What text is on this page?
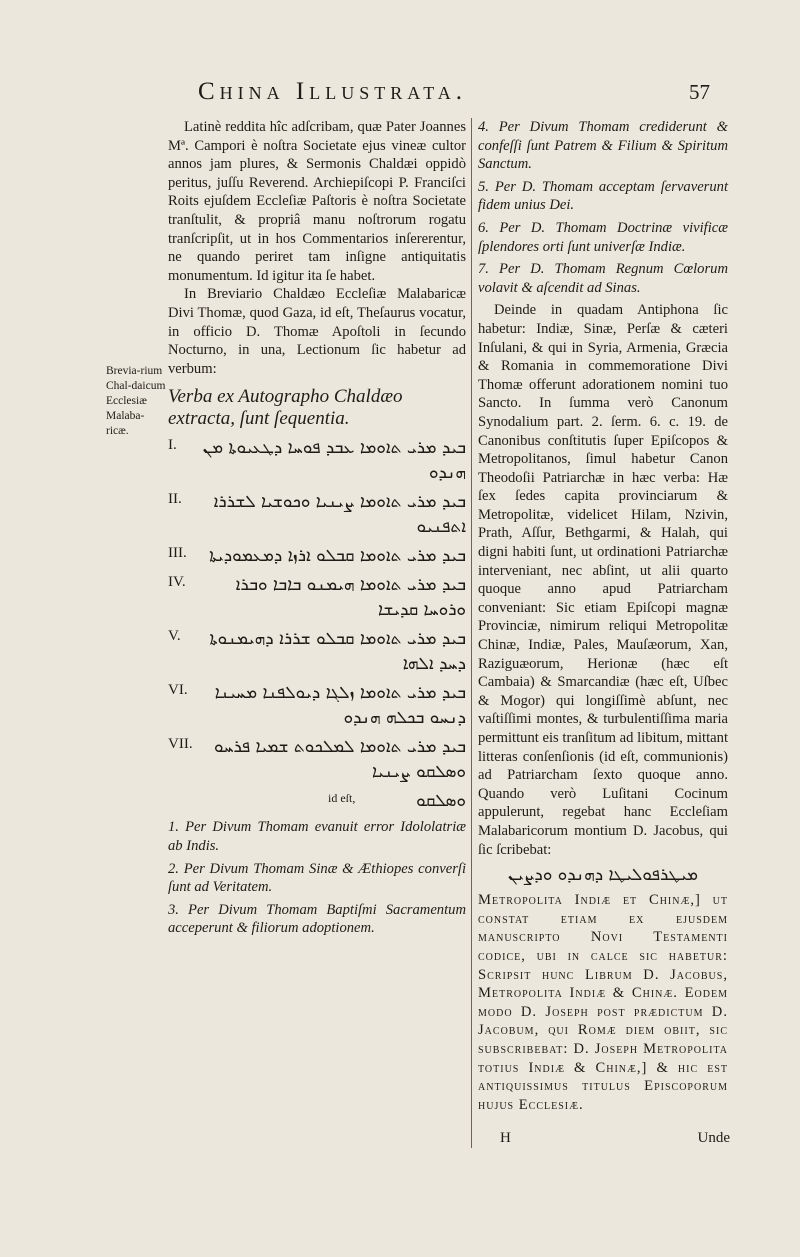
China Illustrata.	57
Brevia-rium Chal-daicum Ecclesiæ Malaba-ricæ.

Latinè reddita hîc adſcribam, quæ Pater Joannes Mª. Campori è noſtra Societate ejus vineæ cultor annos jam plures, & Sermonis Chaldæi oppidò peritus, juſſu Reverend. Archiepiſcopi P. Franciſci Roits ejuſdem Eccleſiæ Paſtoris è noſtra Societate tranſtulit, & propriâ manu noſtrorum rogatu tranſcripſit, ut in hos Commentarios inſererentur, ne quando periret tam inſigne antiquitatis monumentum. Id igitur ita ſe habet.

In Breviario Chaldæo Eccleſiæ Malabaricæ Divi Thomæ, quod Gaza, id eſt, Theſaurus vocatur, in officio D. Thomæ Apoſtoli in ſecundo Nocturno, in una, Lectionum ſic habetur ad verbum:

Verba ex Autographo Chaldæo extracta, ſunt ſequentia.

I.	ܒܝܕ ܡܪܝ ܬܐܘܡܐ ܥܒܕ ܦܘܚܐ ܕܛܥܝܘܬܐ ܡܢ ܗܢܕܘ
II.	ܒܝܕ ܡܪܝ ܬܐܘܡܐ ܨܝܢܝܐ ܘܟܘܫܝܐ ܠܫܪܪܐ ܐܬܦܢܝܘ
III.	ܒܝܕ ܡܪܝ ܬܐܘܡܐ ܩܒܠܘ ܐܪܙܐ ܕܡܥܡܘܕܝܬܐ
IV.	ܒܝܕ ܡܪܝ ܬܐܘܡܐ ܗܝܡܢܘ ܒܐܒܐ ܘܒܪܐ ܘܪܘܚܐ ܩܕܝܫܐ
V.	ܒܝܕ ܡܪܝ ܬܐܘܡܐ ܩܒܠܘ ܫܪܪܐ ܕܗܝܡܢܘܬܐ ܕܚܕ ܐܠܗܐ
VI.	ܒܝܕ ܡܪܝ ܬܐܘܡܐ ܙܠܓܐ ܕܝܘܠܦܢܐ ܡܚܝܢܐ ܕܢܚܘ ܒܟܠܗ ܗܢܕܘ
VII.	ܒܝܕ ܡܪܝ ܬܐܘܡܐ ܠܡܠܟܘܬ ܫܡܝܐ ܦܪܚܘ ܘܣܠܩܘ ܨܝܢܝܐ
id eſt,	ܘܣܠܩܘ

1. Per Divum Thomam evanuit error Idololatriæ ab Indis.

2. Per Divum Thomam Sinæ & Æthiopes converſi ſunt ad Veritatem.

3. Per Divum Thomam Baptiſmi Sacramentum acceperunt & filiorum adoptionem.

4. Per Divum Thomam crediderunt & confeſſi ſunt Patrem & Filium & Spiritum Sanctum.

5. Per D. Thomam acceptam ſervaverunt fidem unius Dei.

6. Per D. Thomam Doctrinæ vivificæ ſplendores orti ſunt univerſæ Indiæ.

7. Per D. Thomam Regnum Cœlorum volavit & aſcendit ad Sinas.

Deinde in quadam Antiphona ſic habetur: Indiæ, Sinæ, Perſæ & cæteri Inſulani, & qui in Syria, Armenia, Græcia & Romania in commemoratione Divi Thomæ offerunt adorationem nomini tuo Sancto. In ſumma verò Canonum Synodalium part. 2. ſerm. 6. c. 19. de Canonibus conſtitutis ſuper Epiſcopos & Metropolitanos, ſimul habetur Canon Theodoſii Patriarchæ in hæc verba: Hæ ſex ſedes capita provinciarum & Metropolitæ, videlicet Hilam, Nzivin, Prath, Aſſur, Bethgarmi, & Halah, qui digni habiti ſunt, ut ordinationi Patriarchæ interveniant, nec abſint, ut alii quarto quoque anno apud Patriarcham conveniant: Sic etiam Epiſcopi magnæ Provinciæ, nimirum reliqui Metropolitæ Chinæ, Indiæ, Pales, Mauſæorum, Xan, Raziguæorum, Herionæ (hæc eſt Cambaia) & Smarcandiæ (hæc eſt, Uſbec & Mogor) qui longiſſimè abſunt, nec vaſtiſſimi montes, & turbulentiſſima maria permittunt eis tranſitum ad libitum, mittant litteras conſenſionis (id eſt, communionis) ad Patriarcham ſexto quoque anno. Quando verò Luſitani Cocinum appulerunt, regebat hanc Eccleſiam Malabaricorum montium D. Jacobus, qui ſic ſcribebat:

ܡܝܛܪܦܘܠܝܛܐ ܕܗܢܕܘ ܘܕܨܝܢ

Metropolita Indiæ et Chinæ,] ut conſtat etiam ex ejuſdem manuſcripto Novi Teſtamenti codice, ubi in calce ſic habetur: Scripſit hunc Librum D. Jacobus, Metropolita Indiæ & Chinæ. Eodem modo D. Joſeph poſt prædictum D. Jacobum, qui Romæ diem obiit, ſic ſubſcribebat: D. Joſeph Metropolita totius Indiæ & Chinæ,] & hic eſt antiquiſſimus titulus Epiſcoporum hujus Eccleſiæ.

H	Unde
